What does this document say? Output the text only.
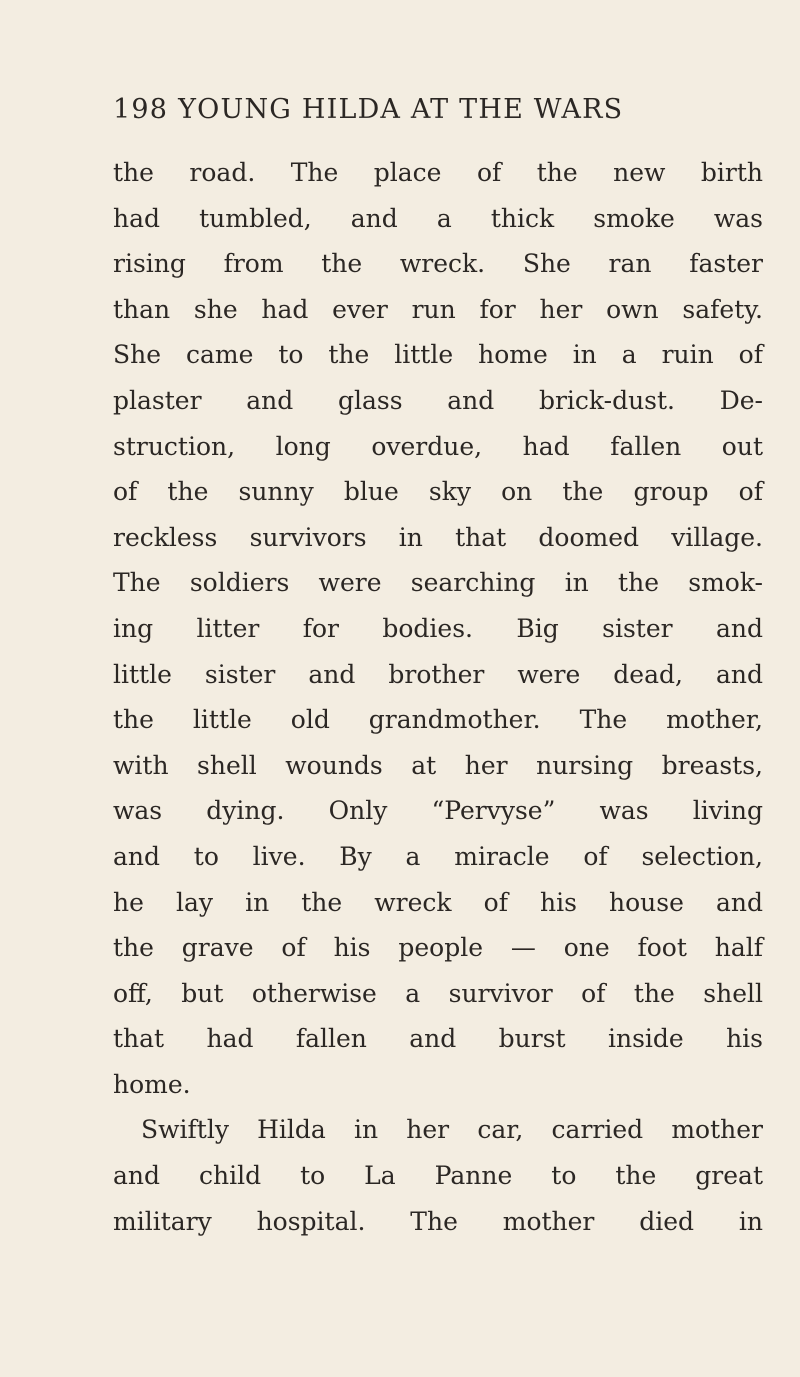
198 YOUNG HILDA AT THE WARS
the road. The place of the new birth
had tumbled, and a thick smoke was
rising from the wreck. She ran faster
than she had ever run for her own safety.
She came to the little home in a ruin of
plaster and glass and brick-dust. De-
struction, long overdue, had fallen out
of the sunny blue sky on the group of
reckless survivors in that doomed village.
The soldiers were searching in the smok-
ing litter for bodies. Big sister and
little sister and brother were dead, and
the little old grandmother. The mother,
with shell wounds at her nursing breasts,
was dying. Only “Pervyse” was living
and to live. By a miracle of selection,
he lay in the wreck of his house and
the grave of his people — one foot half
off, but otherwise a survivor of the shell
that had fallen and burst inside his
home.
Swiftly Hilda in her car, carried mother
and child to La Panne to the great
military hospital. The mother died in
